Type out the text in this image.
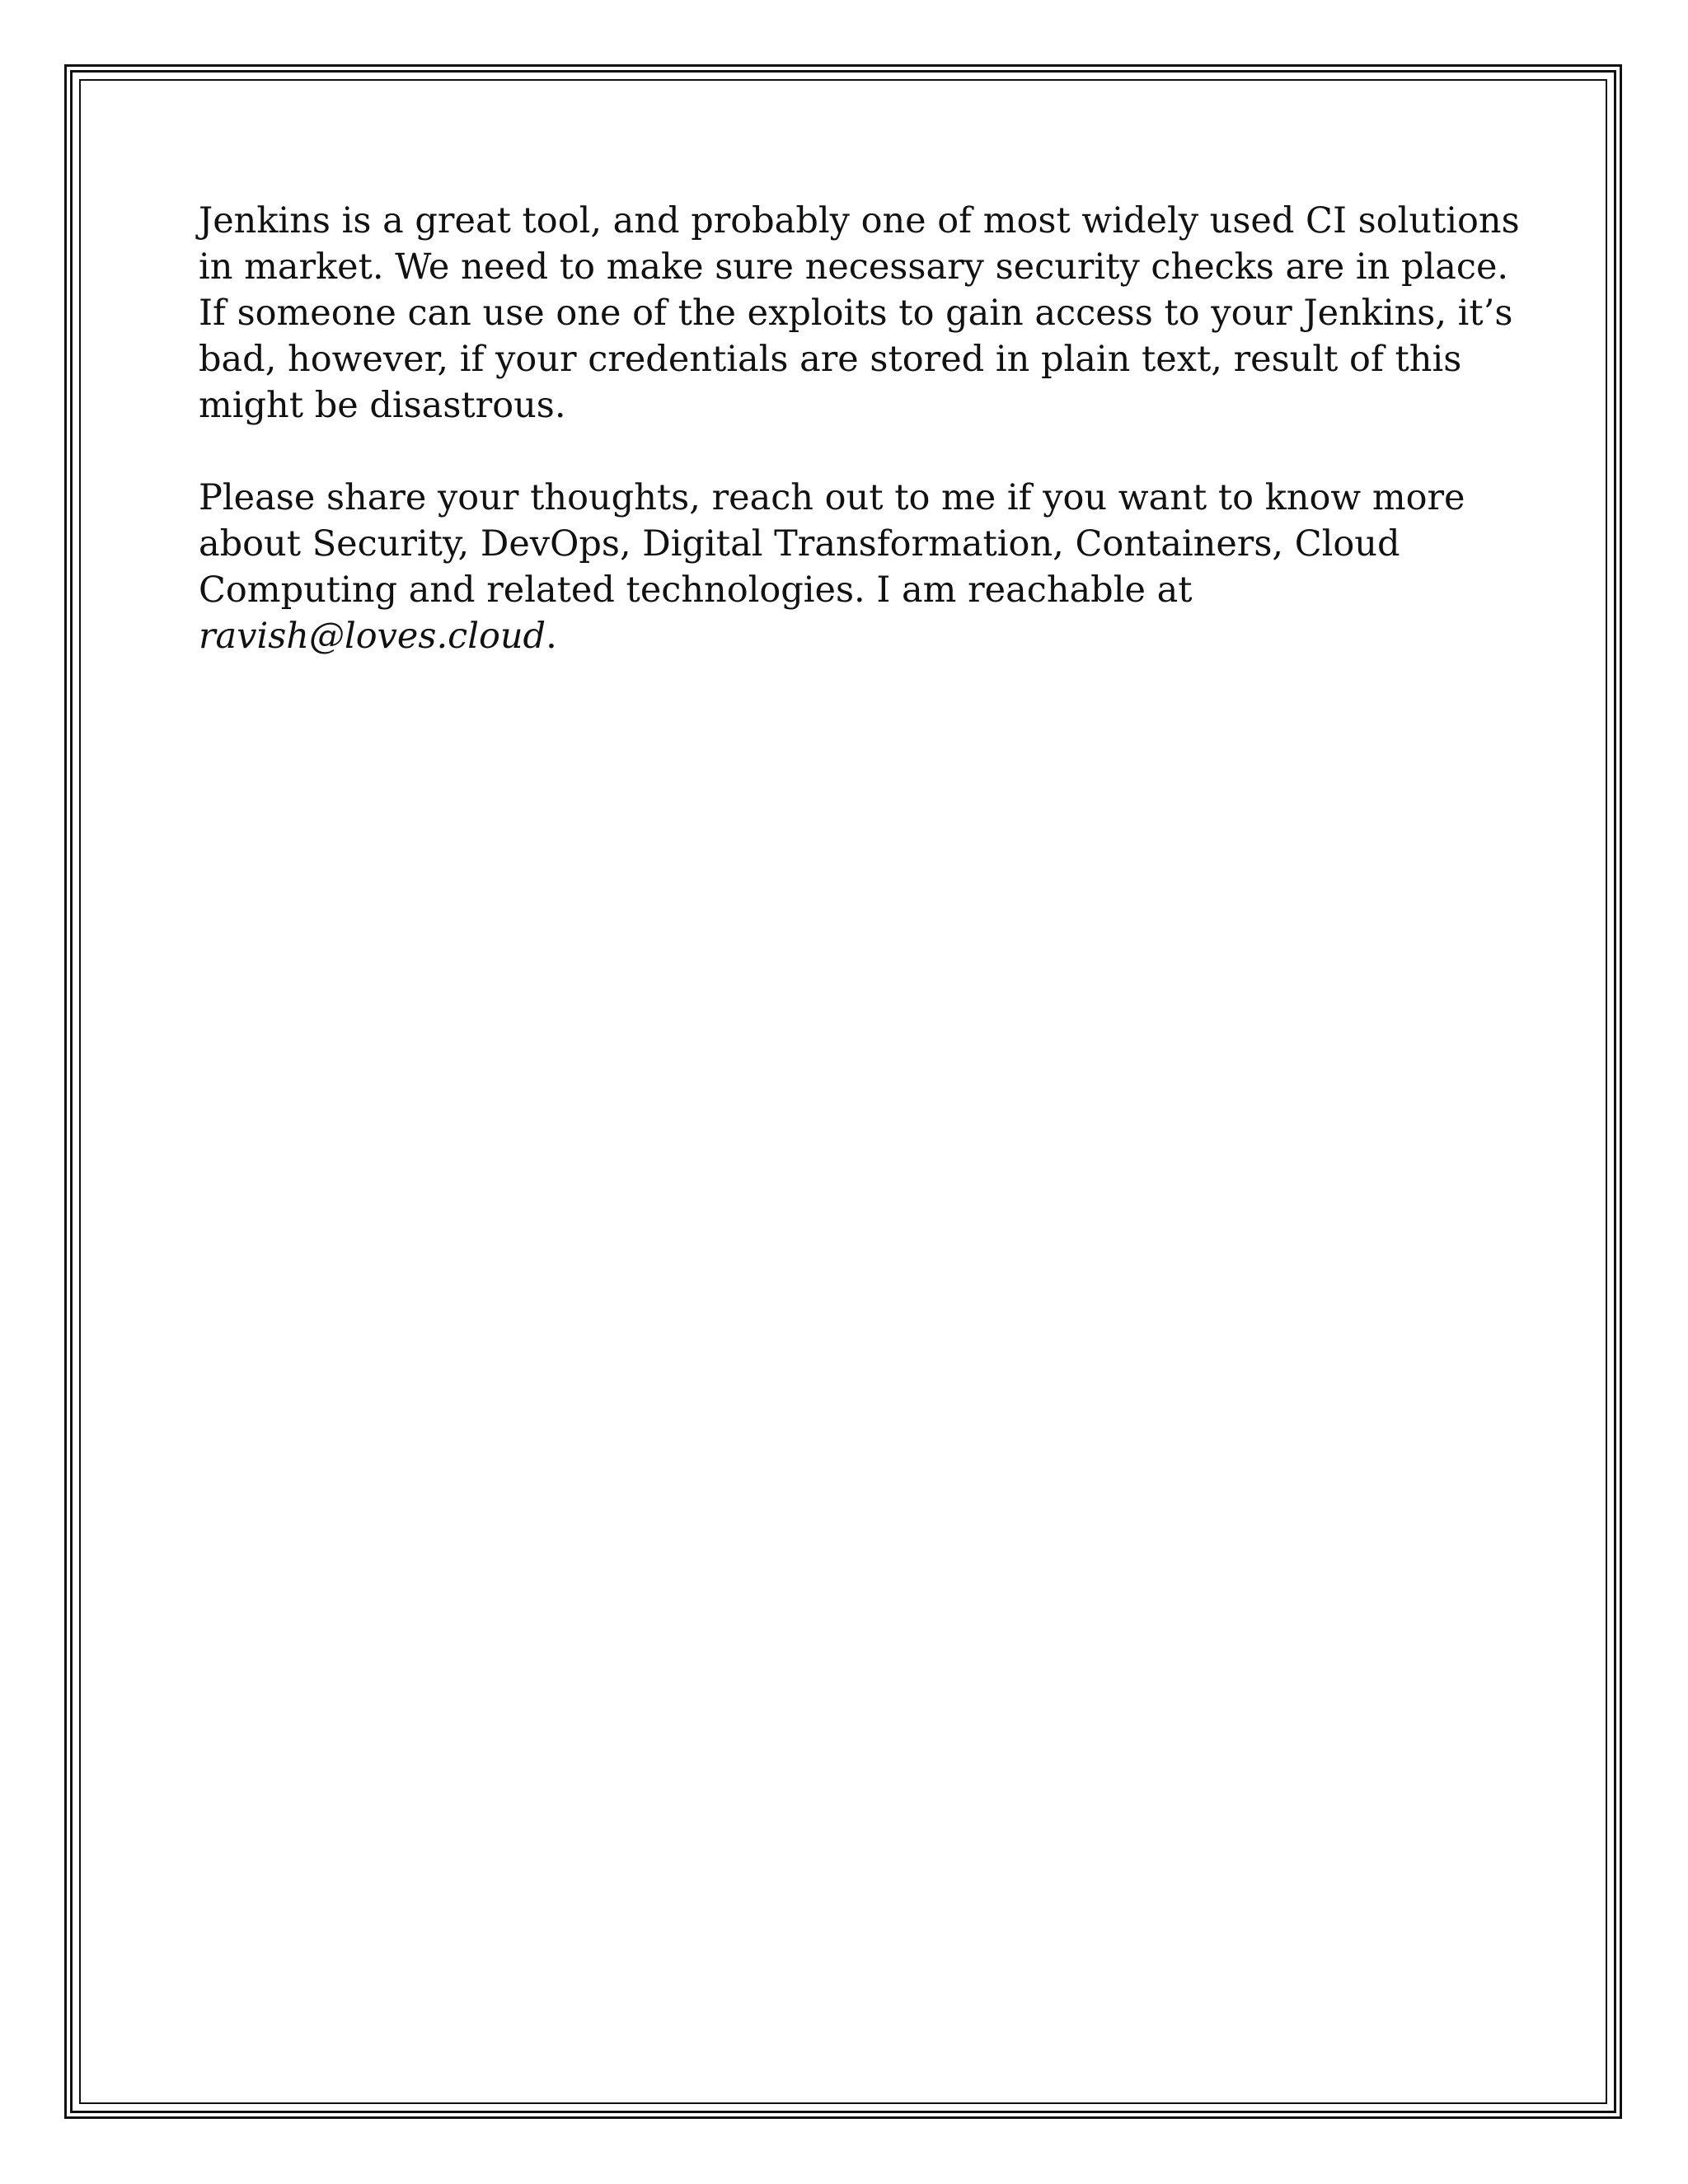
Jenkins is a great tool, and probably one of most widely used CI solutions in market. We need to make sure necessary security checks are in place. If someone can use one of the exploits to gain access to your Jenkins, it’s bad, however, if your credentials are stored in plain text, result of this might be disastrous.

Please share your thoughts, reach out to me if you want to know more about Security, DevOps, Digital Transformation, Containers, Cloud Computing and related technologies. I am reachable at ravish@loves.cloud.
